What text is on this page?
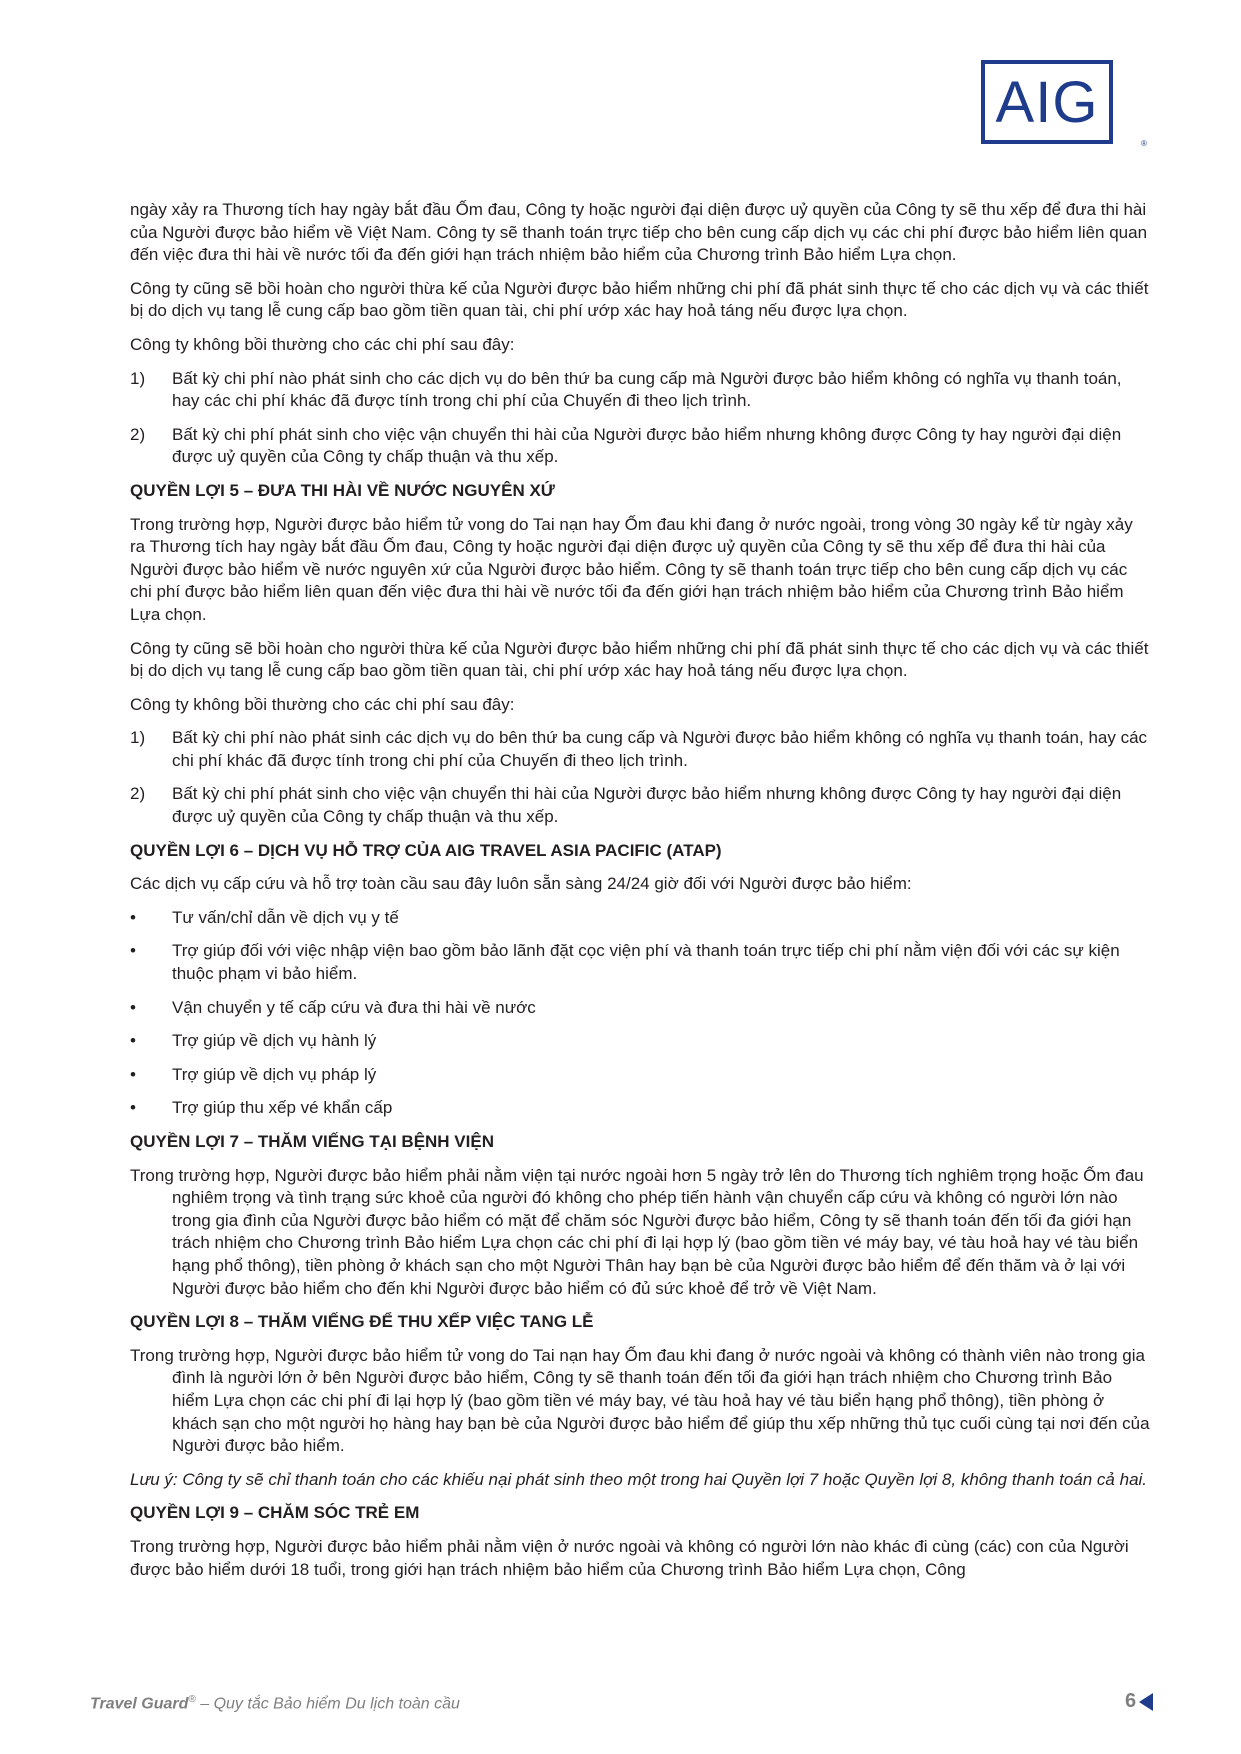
AIG
®
ngày xảy ra Thương tích hay ngày bắt đầu Ốm đau, Công ty hoặc người đại diện được uỷ quyền của Công ty sẽ thu xếp để đưa thi hài của Người được bảo hiểm về Việt Nam. Công ty sẽ thanh toán trực tiếp cho bên cung cấp dịch vụ các chi phí được bảo hiểm liên quan đến việc đưa thi hài về nước tối đa đến giới hạn trách nhiệm bảo hiểm của Chương trình Bảo hiểm Lựa chọn.
Công ty cũng sẽ bồi hoàn cho người thừa kế của Người được bảo hiểm những chi phí đã phát sinh thực tế cho các dịch vụ và các thiết bị do dịch vụ tang lễ cung cấp bao gồm tiền quan tài, chi phí ướp xác hay hoả táng nếu được lựa chọn.
Công ty không bồi thường cho các chi phí sau đây:
1)	Bất kỳ chi phí nào phát sinh cho các dịch vụ do bên thứ ba cung cấp mà Người được bảo hiểm không có nghĩa vụ thanh toán, hay các chi phí khác đã được tính trong chi phí của Chuyến đi theo lịch trình.
2)	Bất kỳ chi phí phát sinh cho việc vận chuyển thi hài của Người được bảo hiểm nhưng không được Công ty hay người đại diện được uỷ quyền của Công ty chấp thuận và thu xếp.
QUYỀN LỢI 5 – ĐƯA THI HÀI VỀ NƯỚC NGUYÊN XỨ
Trong trường hợp, Người được bảo hiểm tử vong do Tai nạn hay Ốm đau khi đang ở nước ngoài, trong vòng 30 ngày kể từ ngày xảy ra Thương tích hay ngày bắt đầu Ốm đau, Công ty hoặc người đại diện được uỷ quyền của Công ty sẽ thu xếp để đưa thi hài của Người được bảo hiểm về nước nguyên xứ của Người được bảo hiểm. Công ty sẽ thanh toán trực tiếp cho bên cung cấp dịch vụ các chi phí được bảo hiểm liên quan đến việc đưa thi hài về nước tối đa đến giới hạn trách nhiệm bảo hiểm của Chương trình Bảo hiểm Lựa chọn.
Công ty cũng sẽ bồi hoàn cho người thừa kế của Người được bảo hiểm những chi phí đã phát sinh thực tế cho các dịch vụ và các thiết bị do dịch vụ tang lễ cung cấp bao gồm tiền quan tài, chi phí ướp xác hay hoả táng nếu được lựa chọn.
Công ty không bồi thường cho các chi phí sau đây:
1)	Bất kỳ chi phí nào phát sinh các dịch vụ do bên thứ ba cung cấp và Người được bảo hiểm không có nghĩa vụ thanh toán, hay các chi phí khác đã được tính trong chi phí của Chuyến đi theo lịch trình.
2)	Bất kỳ chi phí phát sinh cho việc vận chuyển thi hài của Người được bảo hiểm nhưng không được Công ty hay người đại diện được uỷ quyền của Công ty chấp thuận và thu xếp.
QUYỀN LỢI 6 – DỊCH VỤ HỖ TRỢ CỦA AIG TRAVEL ASIA PACIFIC (ATAP)
Các dịch vụ cấp cứu và hỗ trợ toàn cầu sau đây luôn sẵn sàng 24/24 giờ đối với Người được bảo hiểm:
•	Tư vấn/chỉ dẫn về dịch vụ y tế
•	Trợ giúp đối với việc nhập viện bao gồm bảo lãnh đặt cọc viện phí và thanh toán trực tiếp chi phí nằm viện đối với các sự kiện thuộc phạm vi bảo hiểm.
•	Vận chuyển y tế cấp cứu và đưa thi hài về nước
•	Trợ giúp về dịch vụ hành lý
•	Trợ giúp về dịch vụ pháp lý
•	Trợ giúp thu xếp vé khẩn cấp
QUYỀN LỢI 7 – THĂM VIẾNG TẠI BỆNH VIỆN
Trong trường hợp, Người được bảo hiểm phải nằm viện tại nước ngoài hơn 5 ngày trở lên do Thương tích nghiêm trọng hoặc Ốm đau nghiêm trọng và tình trạng sức khoẻ của người đó không cho phép tiến hành vận chuyển cấp cứu và không có người lớn nào trong gia đình của Người được bảo hiểm có mặt để chăm sóc Người được bảo hiểm, Công ty sẽ thanh toán đến tối đa giới hạn trách nhiệm cho Chương trình Bảo hiểm Lựa chọn các chi phí đi lại hợp lý (bao gồm tiền vé máy bay, vé tàu hoả hay vé tàu biển hạng phổ thông), tiền phòng ở khách sạn cho một Người Thân hay bạn bè của Người được bảo hiểm để đến thăm và ở lại với Người được bảo hiểm cho đến khi Người được bảo hiểm có đủ sức khoẻ để trở về Việt Nam.
QUYỀN LỢI 8 – THĂM VIẾNG ĐỂ THU XẾP VIỆC TANG LỄ
Trong trường hợp, Người được bảo hiểm tử vong do Tai nạn hay Ốm đau khi đang ở nước ngoài và không có thành viên nào trong gia đình là người lớn ở bên Người được bảo hiểm, Công ty sẽ thanh toán đến tối đa giới hạn trách nhiệm cho Chương trình Bảo hiểm Lựa chọn các chi phí đi lại hợp lý (bao gồm tiền vé máy bay, vé tàu hoả hay vé tàu biển hạng phổ thông), tiền phòng ở khách sạn cho một người họ hàng hay bạn bè của Người được bảo hiểm để giúp thu xếp những thủ tục cuối cùng tại nơi đến của Người được bảo hiểm.
Lưu ý: Công ty sẽ chỉ thanh toán cho các khiếu nại phát sinh theo một trong hai Quyền lợi 7 hoặc Quyền lợi 8, không thanh toán cả hai.
QUYỀN LỢI 9 – CHĂM SÓC TRẺ EM
Trong trường hợp, Người được bảo hiểm phải nằm viện ở nước ngoài và không có người lớn nào khác đi cùng (các) con của Người được bảo hiểm dưới 18 tuổi, trong giới hạn trách nhiệm bảo hiểm của Chương trình Bảo hiểm Lựa chọn, Công
Travel Guard® – Quy tắc Bảo hiểm Du lịch toàn cầu	6
